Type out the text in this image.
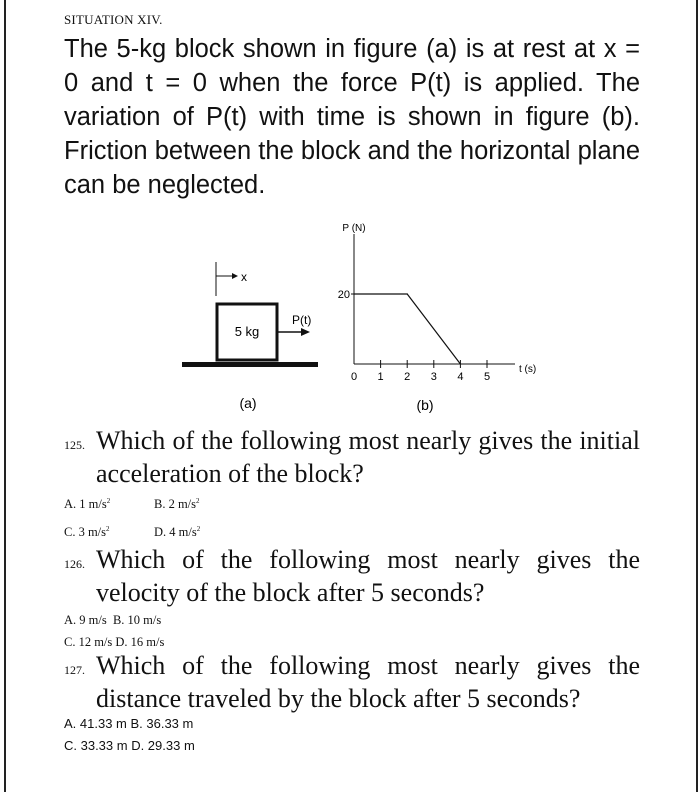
SITUATION XIV.
The 5-kg block shown in figure (a) is at rest at x = 0 and t = 0 when the force P(t) is applied. The variation of P(t) with time is shown in figure (b). Friction between the block and the horizontal plane can be neglected.
x
5 kg
P(t)
(a)
P (N)
t (s)
(b)
0 1 2 3 4 5
20
125. Which of the following most nearly gives the initial acceleration of the block?
A. 1 $m/s^2$	B. 2 $m/s^2$
C. 3 $m/s^2$	D. 4 $m/s^2$
126. Which of the following most nearly gives the velocity of the block after 5 seconds?
A. 9 m/s  B. 10 m/s
C. 12 m/s D. 16 m/s
127. Which of the following most nearly gives the distance traveled by the block after 5 seconds?
A. 41.33 m B. 36.33 m
C. 33.33 m D. 29.33 m
